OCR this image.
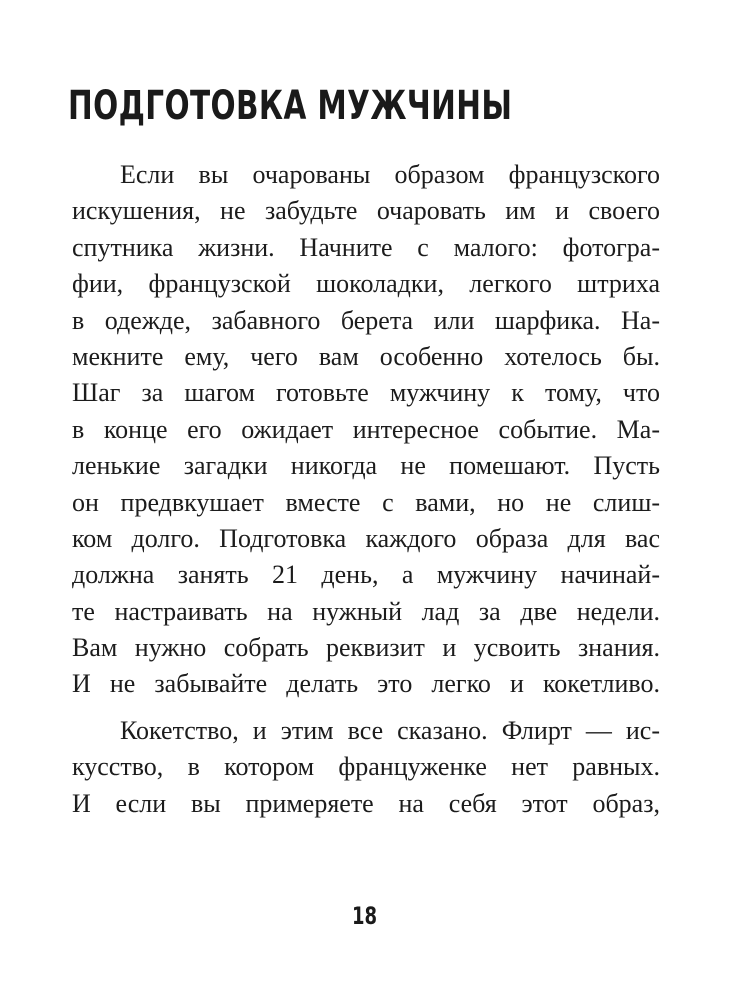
ПОДГОТОВКА МУЖЧИНЫ
Если вы очарованы образом французского
искушения, не забудьте очаровать им и своего
спутника жизни. Начните с малого: фотогра-
фии, французской шоколадки, легкого штриха
в одежде, забавного берета или шарфика. На-
мекните ему, чего вам особенно хотелось бы.
Шаг за шагом готовьте мужчину к тому, что
в конце его ожидает интересное событие. Ма-
ленькие загадки никогда не помешают. Пусть
он предвкушает вместе с вами, но не слиш-
ком долго. Подготовка каждого образа для вас
должна занять 21 день, а мужчину начинай-
те настраивать на нужный лад за две недели.
Вам нужно собрать реквизит и усвоить знания.
И не забывайте делать это легко и кокетливо.
Кокетство, и этим все сказано. Флирт — ис-
кусство, в котором француженке нет равных.
И если вы примеряете на себя этот образ,
18
